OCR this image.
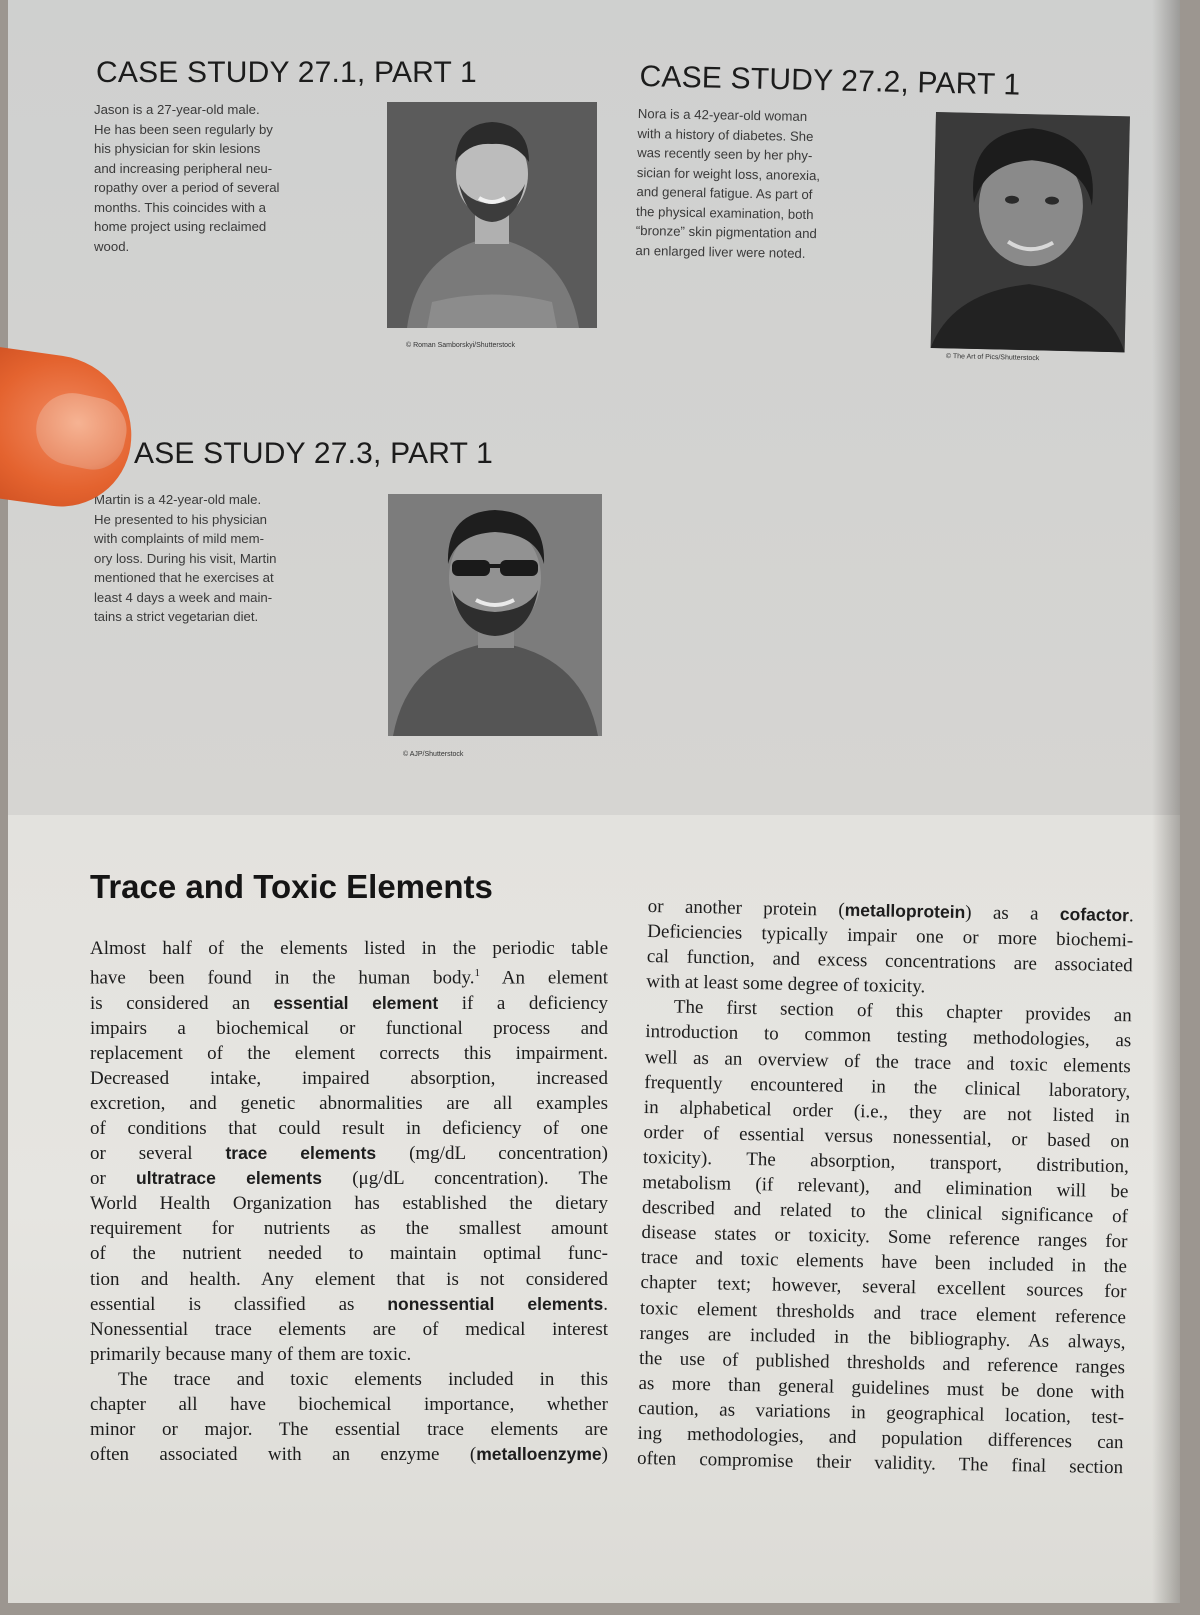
CASE STUDY 27.1, PART 1

Jason is a 27-year-old male.
He has been seen regularly by
his physician for skin lesions
and increasing peripheral neu-
ropathy over a period of several
months. This coincides with a
home project using reclaimed
wood.

© Roman Samborskyi/Shutterstock

CASE STUDY 27.2, PART 1

Nora is a 42-year-old woman
with a history of diabetes. She
was recently seen by her phy-
sician for weight loss, anorexia,
and general fatigue. As part of
the physical examination, both
“bronze” skin pigmentation and
an enlarged liver were noted.

© The Art of Pics/Shutterstock

ASE STUDY 27.3, PART 1

Martin is a 42-year-old male.
He presented to his physician
with complaints of mild mem-
ory loss. During his visit, Martin
mentioned that he exercises at
least 4 days a week and main-
tains a strict vegetarian diet.

© AJP/Shutterstock

Trace and Toxic Elements

Almost half of the elements listed in the periodic table
have been found in the human body.$^1$ An element
is considered an essential element if a deficiency
impairs a biochemical or functional process and
replacement of the element corrects this impairment.
Decreased intake, impaired absorption, increased
excretion, and genetic abnormalities are all examples
of conditions that could result in deficiency of one
or several trace elements (mg/dL concentration)
or ultratrace elements (μg/dL concentration). The
World Health Organization has established the dietary
requirement for nutrients as the smallest amount
of the nutrient needed to maintain optimal func-
tion and health. Any element that is not considered
essential is classified as nonessential elements.
Nonessential trace elements are of medical interest
primarily because many of them are toxic.
The trace and toxic elements included in this
chapter all have biochemical importance, whether
minor or major. The essential trace elements are
often associated with an enzyme (metalloenzyme)

or another protein (metalloprotein) as a cofactor.
Deficiencies typically impair one or more biochemi-
cal function, and excess concentrations are associated
with at least some degree of toxicity.
The first section of this chapter provides an
introduction to common testing methodologies, as
well as an overview of the trace and toxic elements
frequently encountered in the clinical laboratory,
in alphabetical order (i.e., they are not listed in
order of essential versus nonessential, or based on
toxicity). The absorption, transport, distribution,
metabolism (if relevant), and elimination will be
described and related to the clinical significance of
disease states or toxicity. Some reference ranges for
trace and toxic elements have been included in the
chapter text; however, several excellent sources for
toxic element thresholds and trace element reference
ranges are included in the bibliography. As always,
the use of published thresholds and reference ranges
as more than general guidelines must be done with
caution, as variations in geographical location, test-
ing methodologies, and population differences can
often compromise their validity. The final section
